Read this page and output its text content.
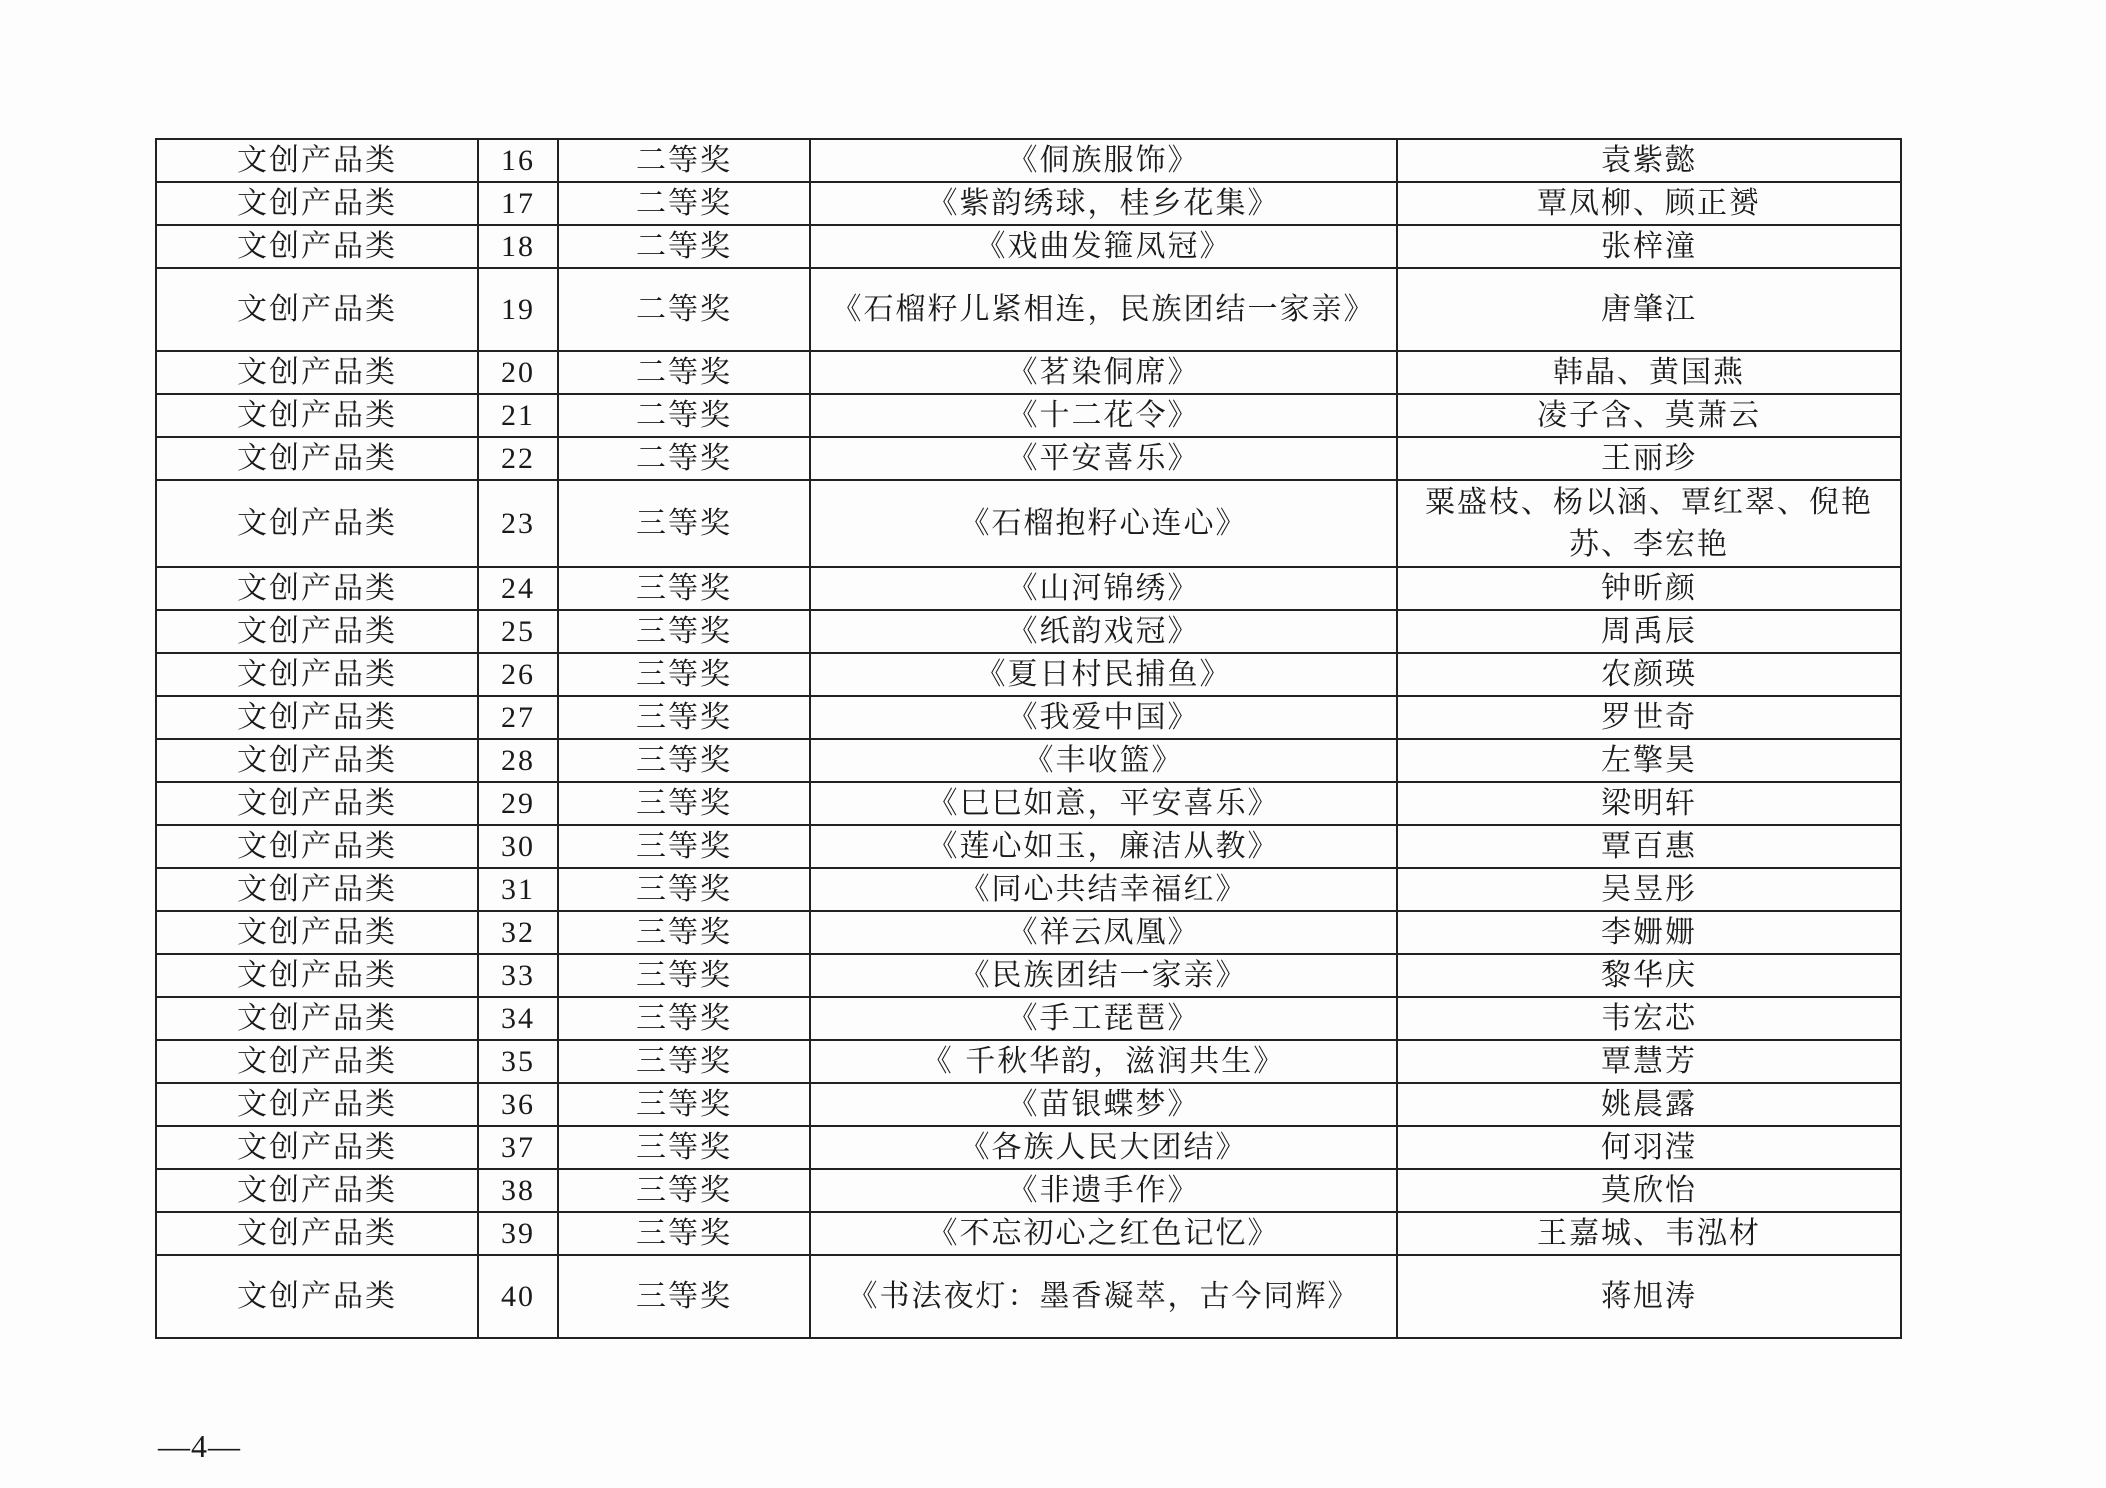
文创产品类	16	二等奖	《侗族服饰》	袁紫懿
文创产品类	17	二等奖	《紫韵绣球，桂乡花集》	覃凤柳、顾正赟
文创产品类	18	二等奖	《戏曲发箍凤冠》	张梓潼
文创产品类	19	二等奖	《石榴籽儿紧相连，民族团结一家亲》	唐肇江
文创产品类	20	二等奖	《茗染侗席》	韩晶、黄国燕
文创产品类	21	二等奖	《十二花令》	凌子含、莫萧云
文创产品类	22	二等奖	《平安喜乐》	王丽珍
文创产品类	23	三等奖	《石榴抱籽心连心》	粟盛枝、杨以涵、覃红翠、倪艳苏、李宏艳
文创产品类	24	三等奖	《山河锦绣》	钟昕颜
文创产品类	25	三等奖	《纸韵戏冠》	周禹辰
文创产品类	26	三等奖	《夏日村民捕鱼》	农颜瑛
文创产品类	27	三等奖	《我爱中国》	罗世奇
文创产品类	28	三等奖	《丰收篮》	左擎昊
文创产品类	29	三等奖	《巳巳如意，平安喜乐》	梁明轩
文创产品类	30	三等奖	《莲心如玉，廉洁从教》	覃百惠
文创产品类	31	三等奖	《同心共结幸福红》	吴昱彤
文创产品类	32	三等奖	《祥云凤凰》	李姗姗
文创产品类	33	三等奖	《民族团结一家亲》	黎华庆
文创产品类	34	三等奖	《手工琵琶》	韦宏芯
文创产品类	35	三等奖	《 千秋华韵，滋润共生》	覃慧芳
文创产品类	36	三等奖	《苗银蝶梦》	姚晨露
文创产品类	37	三等奖	《各族人民大团结》	何羽滢
文创产品类	38	三等奖	《非遗手作》	莫欣怡
文创产品类	39	三等奖	《不忘初心之红色记忆》	王嘉城、韦泓材
文创产品类	40	三等奖	《书法夜灯：墨香凝萃，古今同辉》	蒋旭涛
—4—
